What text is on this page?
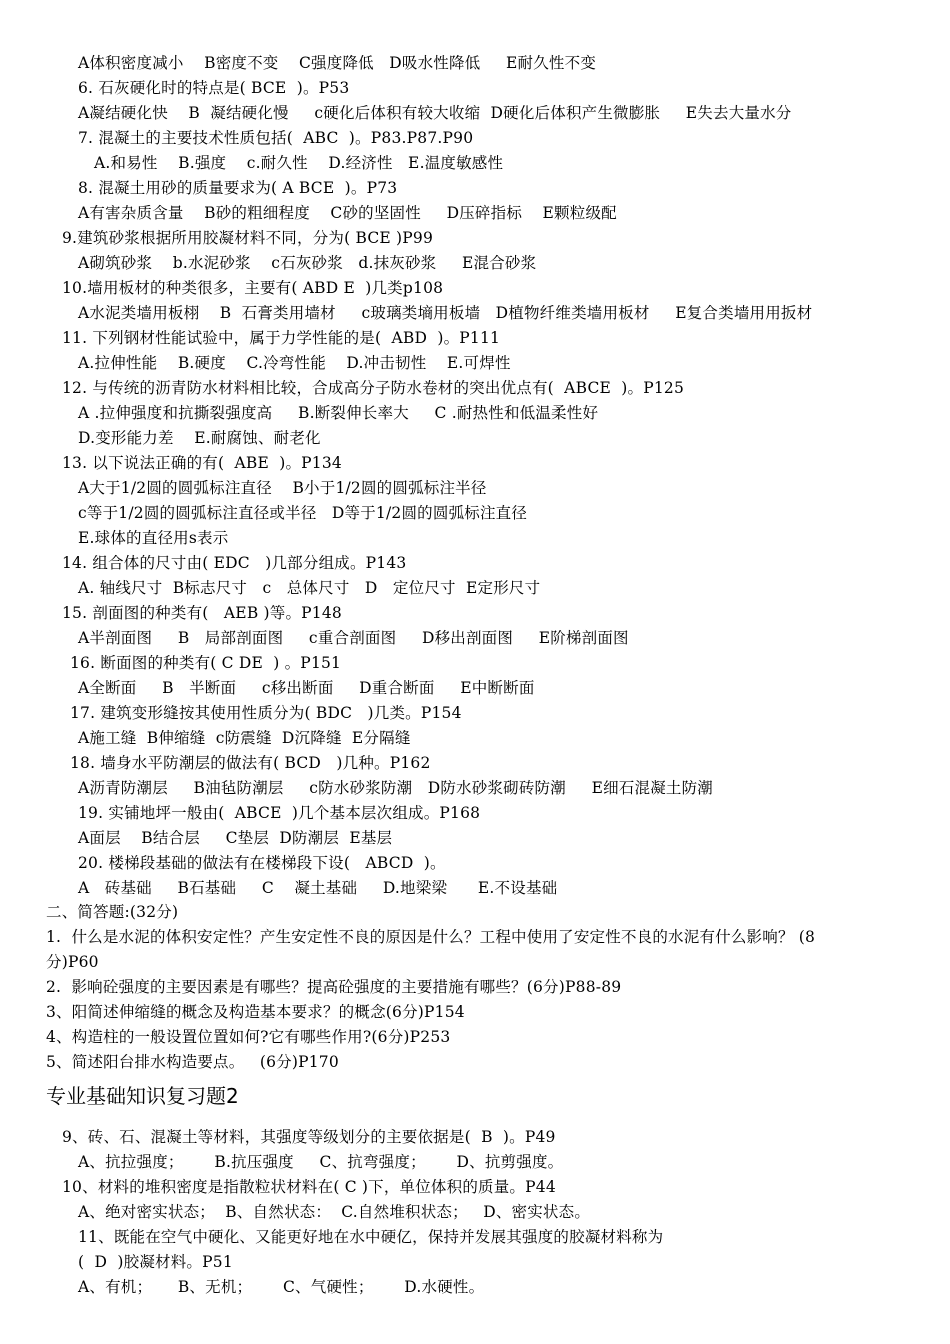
A体积密度减小    B密度不变    C强度降低   D吸水性降低     E耐久性不变
6. 石灰硬化时的特点是( BCE  )。P53
A凝结硬化快    B  凝结硬化慢     c硬化后体积有较大收缩  D硬化后体积产生微膨胀     E失去大量水分
7. 混凝土的主要技术性质包括(  ABC  )。P83.P87.P90
A.和易性    B.强度    c.耐久性    D.经济性   E.温度敏感性
8. 混凝土用砂的质量要求为( A BCE  )。P73
A有害杂质含量    B砂的粗细程度    C砂的坚固性     D压碎指标    E颗粒级配
9.建筑砂浆根据所用胶凝材料不同，分为( BCE )P99
A砌筑砂浆    b.水泥砂浆    c石灰砂浆   d.抹灰砂浆     E混合砂浆
10.墙用板材的种类很多，主要有( ABD E  )几类p108
A水泥类墙用板栩    B  石膏类用墙材     c玻璃类墒用板墙   D植物纤维类墙用板材     E复合类墙用用扳材
11. 下列钢材性能试验中，属于力学性能的是(  ABD  )。P111
A.拉伸性能    B.硬度    C.冷弯性能    D.冲击韧性    E.可焊性
12. 与传统的沥青防水材料相比较，合成高分子防水卷材的突出优点有(  ABCE  )。P125
A .拉伸强度和抗撕裂强度高     B.断裂伸长率大     C .耐热性和低温柔性好
D.变形能力差    E.耐腐蚀、耐老化
13. 以下说法正确的有(  ABE  )。P134
A大于1/2圆的圆弧标注直径    B小于1/2圆的圆弧标注半径
c等于1/2圆的圆弧标注直径或半径   D等于1/2圆的圆弧标注直径
E.球体的直径用s表示
14. 组合体的尺寸由( EDC   )几部分组成。P143
A. 轴线尺寸  B标志尺寸   c   总体尺寸   D   定位尺寸  E定形尺寸
15. 剖面图的种类有(   AEB )等。P148
A半剖面图     B   局部剖面图     c重合剖面图     D移出剖面图     E阶梯剖面图
16. 断面图的种类有( C DE  ) 。P151
A全断面     B   半断面     c移出断面     D重合断面     E中断断面
17. 建筑变形缝按其使用性质分为( BDC   )几类。P154
A施工缝  B伸缩缝  c防震缝  D沉降缝  E分隔缝
18. 墙身水平防潮层的做法有( BCD   )几种。P162
A沥青防潮层     B油毡防潮层     c防水砂浆防潮   D防水砂浆砌砖防潮     E细石混凝土防潮
19. 实铺地坪一般由(  ABCE  )几个基本层次组成。P168
A面层    B结合层     C垫层  D防潮层  E基层
20. 楼梯段基础的做法有在楼梯段下设(   ABCD  )。
A   砖基础     B石基础     C    凝土基础     D.地梁梁      E.不设基础
二、简答题:(32分)
1.  什么是水泥的体积安定性？产生安定性不良的原因是什么？工程中使用了安定性不良的水泥有什么影响？ (8
分)P60
2.  影响砼强度的主要因素是有哪些？提高砼强度的主要措施有哪些？(6分)P88-89
3、阳简述伸缩缝的概念及构造基本要求？的概念(6分)P154
4、构造柱的一般设置位置如何?它有哪些作用?(6分)P253
5、简述阳台排水构造要点。   (6分)P170
9、砖、石、混凝土等材料，其强度等级划分的主要依据是(  B  )。P49
A、抗拉强度；      B.抗压强度     C、抗弯强度；      D、抗剪强度。
10、材料的堆积密度是指散粒状材料在( C )下，单位体积的质量。P44
A、绝对密实状态；  B、自然状态：  C.自然堆积状态；   D、密实状态。
11、既能在空气中硬化、又能更好地在水中硬亿，保持并发展其强度的胶凝材料称为
(  D  )胶凝材料。P51
A、有机；     B、无机；      C、气硬性；      D.水硬性。
专业基础知识复习题2
